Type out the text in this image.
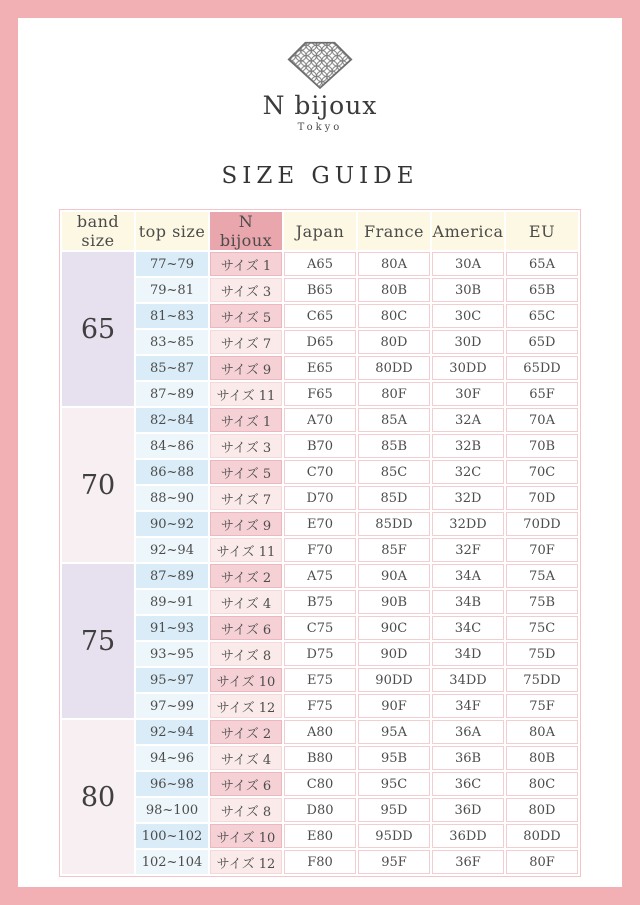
N bijoux
Tokyo
SIZE GUIDE
band size	top size	N bijoux	Japan	France	America	EU
65	77~79	サイズ 1	A65	80A	30A	65A
	79~81	サイズ 3	B65	80B	30B	65B
	81~83	サイズ 5	C65	80C	30C	65C
	83~85	サイズ 7	D65	80D	30D	65D
	85~87	サイズ 9	E65	80DD	30DD	65DD
	87~89	サイズ 11	F65	80F	30F	65F
70	82~84	サイズ 1	A70	85A	32A	70A
	84~86	サイズ 3	B70	85B	32B	70B
	86~88	サイズ 5	C70	85C	32C	70C
	88~90	サイズ 7	D70	85D	32D	70D
	90~92	サイズ 9	E70	85DD	32DD	70DD
	92~94	サイズ 11	F70	85F	32F	70F
75	87~89	サイズ 2	A75	90A	34A	75A
	89~91	サイズ 4	B75	90B	34B	75B
	91~93	サイズ 6	C75	90C	34C	75C
	93~95	サイズ 8	D75	90D	34D	75D
	95~97	サイズ 10	E75	90DD	34DD	75DD
	97~99	サイズ 12	F75	90F	34F	75F
80	92~94	サイズ 2	A80	95A	36A	80A
	94~96	サイズ 4	B80	95B	36B	80B
	96~98	サイズ 6	C80	95C	36C	80C
	98~100	サイズ 8	D80	95D	36D	80D
	100~102	サイズ 10	E80	95DD	36DD	80DD
	102~104	サイズ 12	F80	95F	36F	80F
